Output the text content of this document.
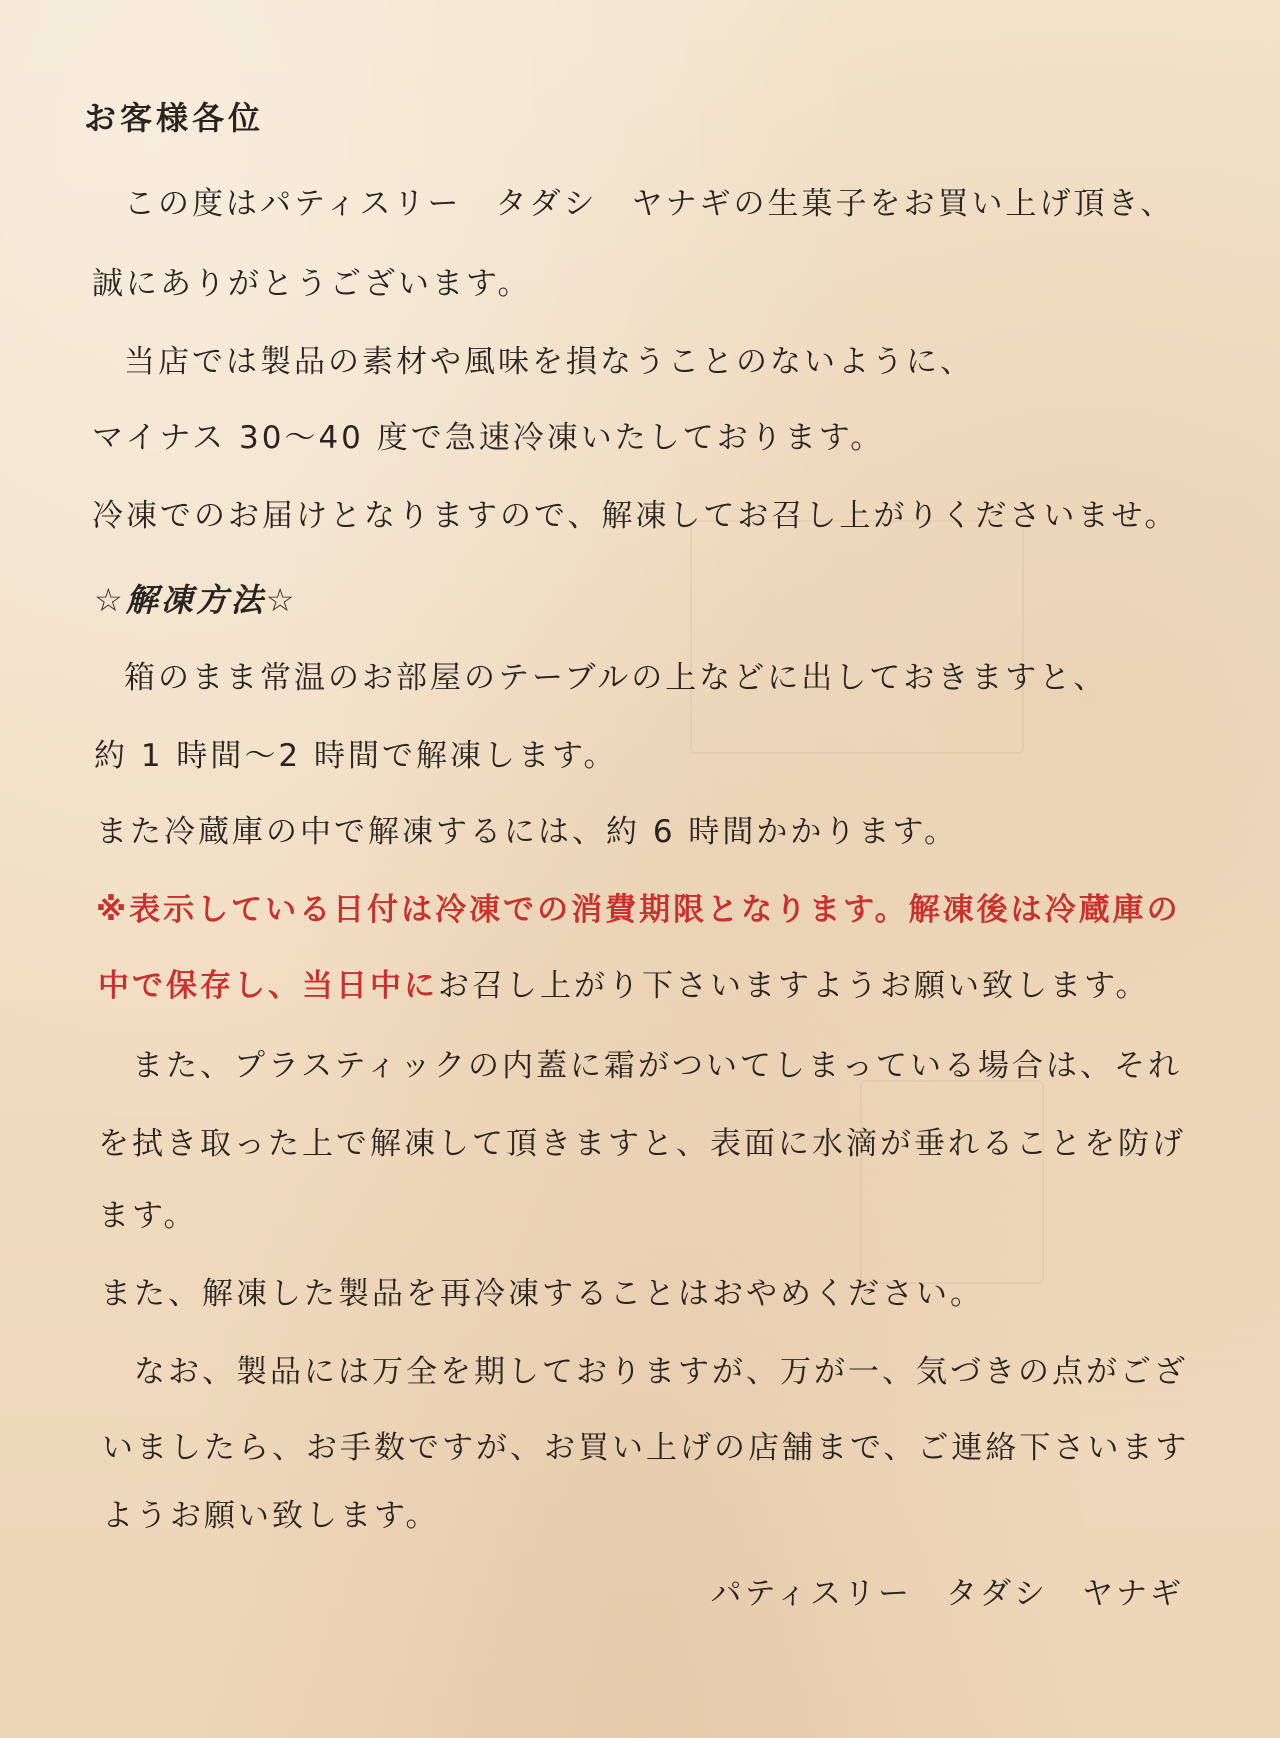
お客様各位
この度はパティスリー　タダシ　ヤナギの生菓子をお買い上げ頂き、
誠にありがとうございます。
当店では製品の素材や風味を損なうことのないように、
マイナス 30〜40 度で急速冷凍いたしております。
冷凍でのお届けとなりますので、解凍してお召し上がりくださいませ。
☆解凍方法☆
箱のまま常温のお部屋のテーブルの上などに出しておきますと、
約 1 時間〜2 時間で解凍します。
また冷蔵庫の中で解凍するには、約 6 時間かかります。
※表示している日付は冷凍での消費期限となります。解凍後は冷蔵庫の
中で保存し、当日中にお召し上がり下さいますようお願い致します。
また、プラスティックの内蓋に霜がついてしまっている場合は、それ
を拭き取った上で解凍して頂きますと、表面に水滴が垂れることを防げ
ます。
また、解凍した製品を再冷凍することはおやめください。
なお、製品には万全を期しておりますが、万が一、気づきの点がござ
いましたら、お手数ですが、お買い上げの店舗まで、ご連絡下さいます
ようお願い致します。
パティスリー　タダシ　ヤナギ
